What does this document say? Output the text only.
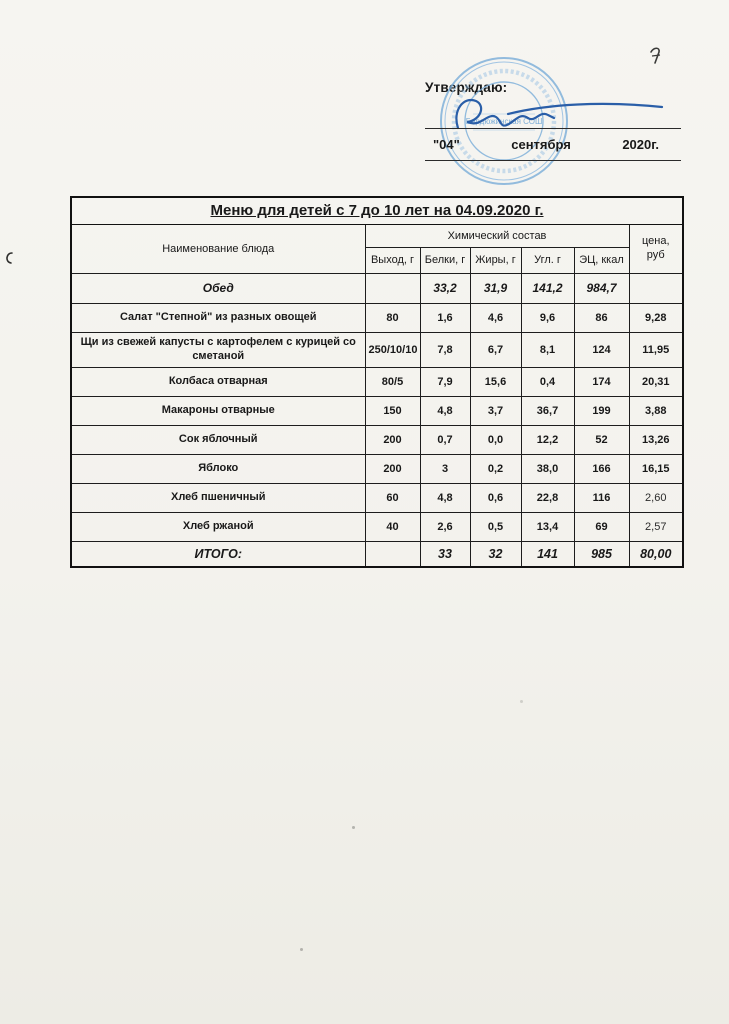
Утверждаю:
Бердюжинская СОШ
"04"	сентября	2020г.
Меню для детей с 7 до 10 лет на 04.09.2020 г.						
Наименование блюда	Химический состав					цена, руб
	Выход, г	Белки, г	Жиры, г	Угл. г	ЭЦ, ккал	
Обед		33,2	31,9	141,2	984,7	
Салат "Степной" из разных овощей	80	1,6	4,6	9,6	86	9,28
Щи из свежей капусты с картофелем с курицей со сметаной	250/10/10	7,8	6,7	8,1	124	11,95
Колбаса отварная	80/5	7,9	15,6	0,4	174	20,31
Макароны отварные	150	4,8	3,7	36,7	199	3,88
Сок яблочный	200	0,7	0,0	12,2	52	13,26
Яблоко	200	3	0,2	38,0	166	16,15
Хлеб пшеничный	60	4,8	0,6	22,8	116	2,60
Хлеб ржаной	40	2,6	0,5	13,4	69	2,57
ИТОГО:		33	32	141	985	80,00
